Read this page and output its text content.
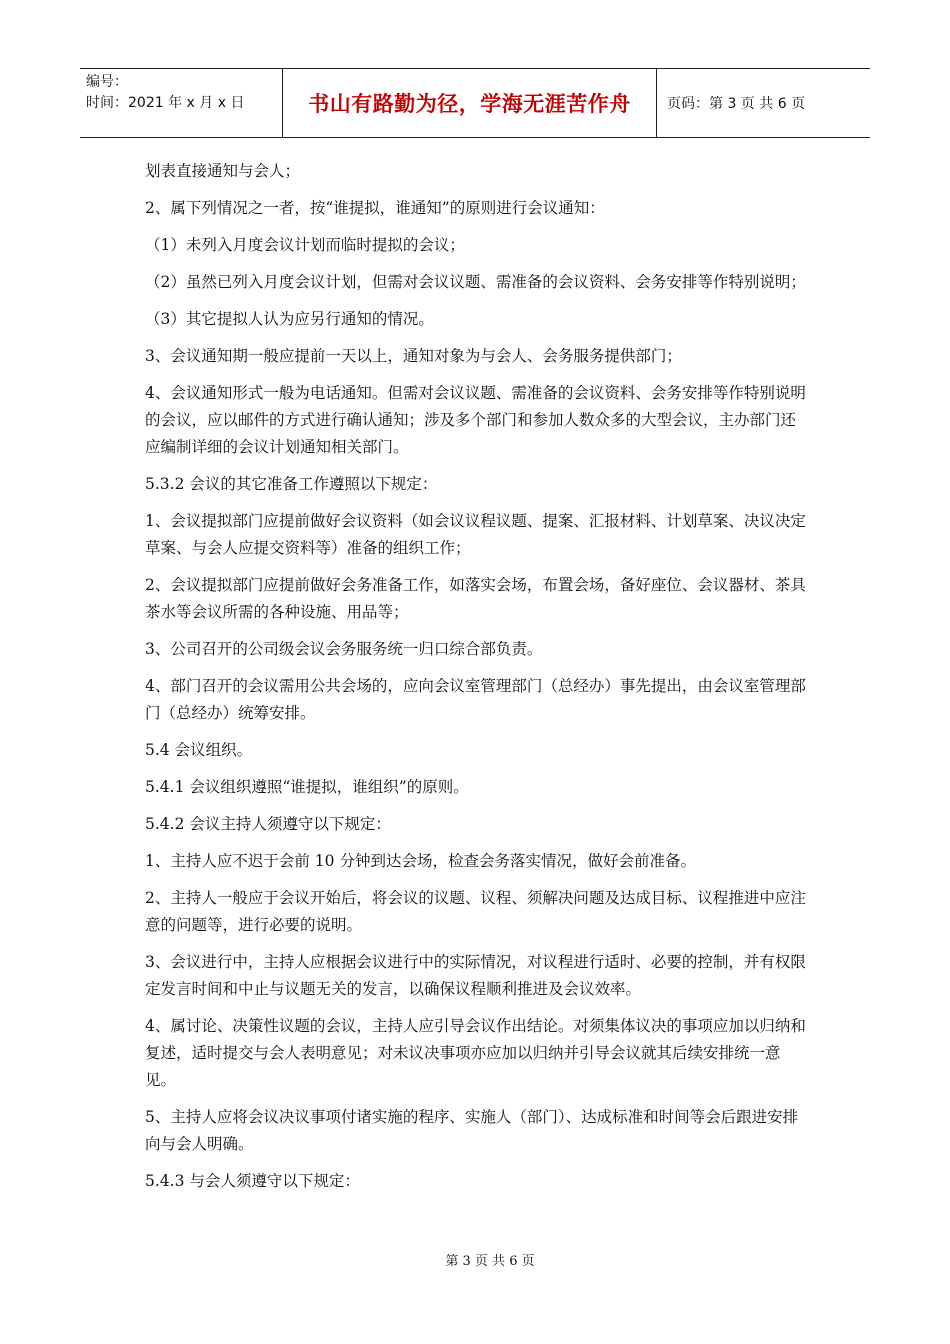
编号：
时间：2021 年 x 月 x 日	书山有路勤为径，学海无涯苦作舟	页码：第 3 页 共 6 页

划表直接通知与会人；

2、属下列情况之一者，按“谁提拟，谁通知”的原则进行会议通知：

（1）未列入月度会议计划而临时提拟的会议；

（2）虽然已列入月度会议计划，但需对会议议题、需准备的会议资料、会务安排等作特别说明；

（3）其它提拟人认为应另行通知的情况。

3、会议通知期一般应提前一天以上，通知对象为与会人、会务服务提供部门；

4、会议通知形式一般为电话通知。但需对会议议题、需准备的会议资料、会务安排等作特别说明的会议，应以邮件的方式进行确认通知；涉及多个部门和参加人数众多的大型会议，主办部门还应编制详细的会议计划通知相关部门。

5.3.2 会议的其它准备工作遵照以下规定：

1、会议提拟部门应提前做好会议资料（如会议议程议题、提案、汇报材料、计划草案、决议决定草案、与会人应提交资料等）准备的组织工作；

2、会议提拟部门应提前做好会务准备工作，如落实会场，布置会场，备好座位、会议器材、茶具茶水等会议所需的各种设施、用品等；

3、公司召开的公司级会议会务服务统一归口综合部负责。

4、部门召开的会议需用公共会场的，应向会议室管理部门（总经办）事先提出，由会议室管理部门（总经办）统筹安排。

5.4 会议组织。

5.4.1 会议组织遵照“谁提拟，谁组织”的原则。

5.4.2 会议主持人须遵守以下规定：

1、主持人应不迟于会前 10 分钟到达会场，检查会务落实情况，做好会前准备。

2、主持人一般应于会议开始后，将会议的议题、议程、须解决问题及达成目标、议程推进中应注意的问题等，进行必要的说明。

3、会议进行中，主持人应根据会议进行中的实际情况，对议程进行适时、必要的控制，并有权限定发言时间和中止与议题无关的发言，以确保议程顺利推进及会议效率。

4、属讨论、决策性议题的会议，主持人应引导会议作出结论。对须集体议决的事项应加以归纳和复述，适时提交与会人表明意见；对未议决事项亦应加以归纳并引导会议就其后续安排统一意见。

5、主持人应将会议决议事项付诸实施的程序、实施人（部门）、达成标准和时间等会后跟进安排向与会人明确。

5.4.3 与会人须遵守以下规定：

第 3 页 共 6 页
